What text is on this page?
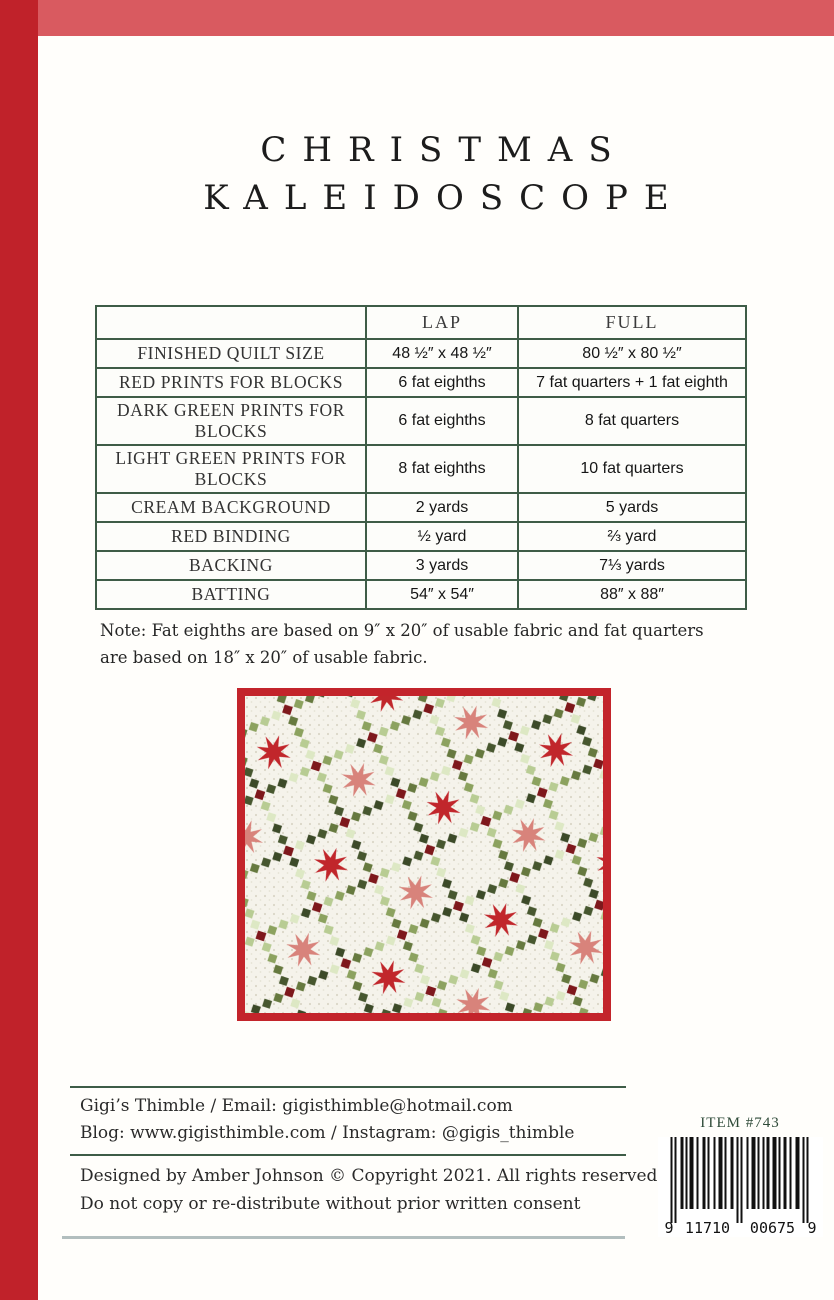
CHRISTMAS
KALEIDOSCOPE
	LAP	FULL
FINISHED QUILT SIZE	48 ½″ x 48 ½″	80 ½″ x 80 ½″
RED PRINTS FOR BLOCKS	6 fat eighths	7 fat quarters + 1 fat eighth
DARK GREEN PRINTS FOR BLOCKS	6 fat eighths	8 fat quarters
LIGHT GREEN PRINTS FOR BLOCKS	8 fat eighths	10 fat quarters
CREAM BACKGROUND	2 yards	5 yards
RED BINDING	½ yard	⅔ yard
BACKING	3 yards	7⅓ yards
BATTING	54″ x 54″	88″ x 88″
Note: Fat eighths are based on 9″ x 20″ of usable fabric and fat quarters
are based on 18″ x 20″ of usable fabric.
Gigi’s Thimble ∕ Email: gigisthimble@hotmail.com
Blog: www.gigisthimble.com ∕ Instagram: @gigis_thimble
Designed by Amber Johnson © Copyright 2021. All rights reserved.
Do not copy or re-distribute without prior written consent
ITEM #743
9 11710 00675 9
